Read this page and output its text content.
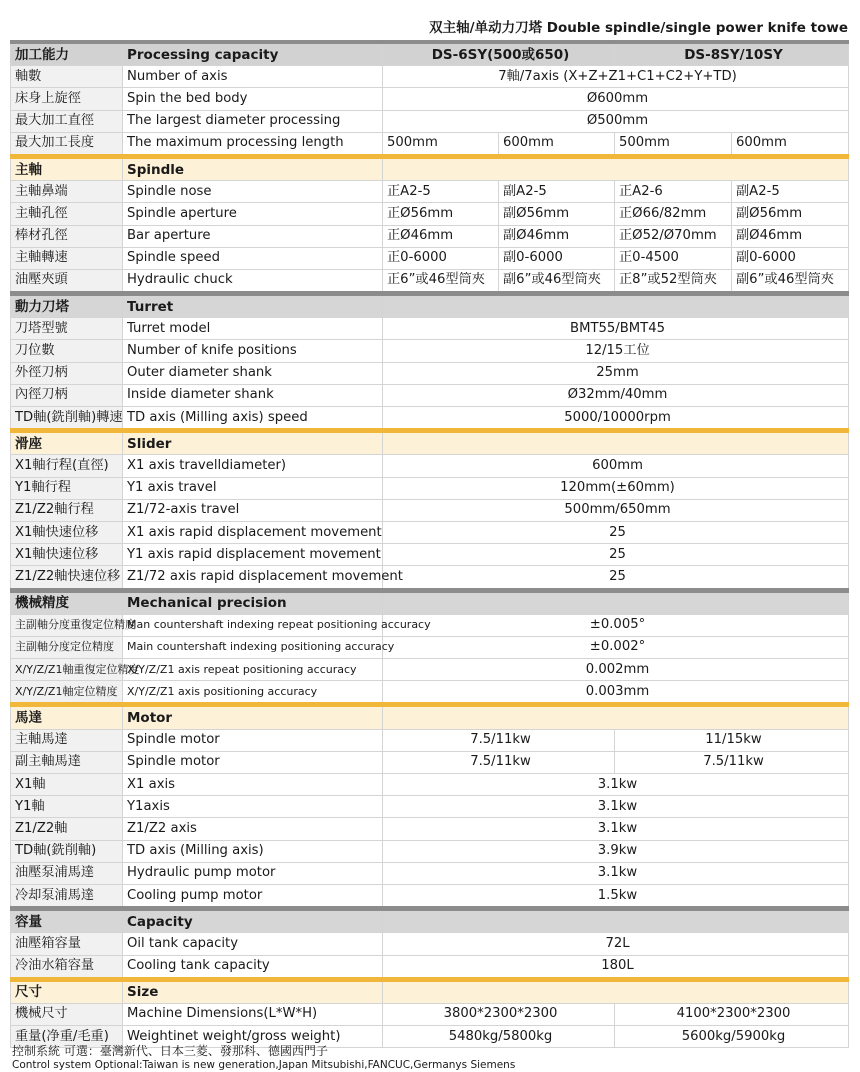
双主轴/单动力刀塔 Double spindle/single power knife towe
加工能力	Processing capacity	DS-6SY(500或650)		DS-8SY/10SY	
軸數	Number of axis	7軸/7axis (X+Z+Z1+C1+C2+Y+TD)			
床身上旋徑	Spin the bed body	Ø600mm			
最大加工直徑	The largest diameter processing	Ø500mm			
最大加工長度	The maximum processing length	500mm	600mm	500mm	600mm
主軸	Spindle				
主軸鼻端	Spindle nose	正A2-5	副A2-5	正A2-6	副A2-5
主軸孔徑	Spindle aperture	正Ø56mm	副Ø56mm	正Ø66/82mm	副Ø56mm
棒材孔徑	Bar aperture	正Ø46mm	副Ø46mm	正Ø52/Ø70mm	副Ø46mm
主軸轉速	Spindle speed	正0-6000	副0-6000	正0-4500	副0-6000
油壓夾頭	Hydraulic chuck	正6”或46型筒夾	副6”或46型筒夾	正8”或52型筒夾	副6”或46型筒夾
動力刀塔	Turret				
刀塔型號	Turret model	BMT55/BMT45			
刀位數	Number of knife positions	12/15工位			
外徑刀柄	Outer diameter shank	25mm			
內徑刀柄	Inside diameter shank	Ø32mm/40mm			
TD軸(銑削軸)轉速	TD axis (Milling axis) speed	5000/10000rpm			
滑座	Slider				
X1軸行程(直徑)	X1 axis travelldiameter)	600mm			
Y1軸行程	Y1 axis travel	120mm(±60mm)			
Z1/Z2軸行程	Z1/72-axis travel	500mm/650mm			
X1軸快速位移	X1 axis rapid displacement movement	25			
X1軸快速位移	Y1 axis rapid displacement movement	25			
Z1/Z2軸快速位移	Z1/72 axis rapid displacement movement	25			
機械精度	Mechanical precision				
主副軸分度重復定位精度	Man countershaft indexing repeat positioning accuracy	±0.005°			
主副軸分度定位精度	Main countershaft indexing positioning accuracy	±0.002°			
X/Y/Z/Z1軸重復定位精度	X/Y/Z/Z1 axis repeat positioning accuracy	0.002mm			
X/Y/Z/Z1軸定位精度	X/Y/Z/Z1 axis positioning accuracy	0.003mm			
馬達	Motor				
主軸馬達	Spindle motor	7.5/11kw		11/15kw	
副主軸馬達	Spindle motor	7.5/11kw		7.5/11kw	
X1軸	X1 axis	3.1kw			
Y1軸	Y1axis	3.1kw			
Z1/Z2軸	Z1/Z2 axis	3.1kw			
TD軸(銑削軸)	TD axis (Milling axis)	3.9kw			
油壓泵浦馬達	Hydraulic pump motor	3.1kw			
冷却泵浦馬達	Cooling pump motor	1.5kw			
容量	Capacity				
油壓箱容量	Oil tank capacity	72L			
冷油水箱容量	Cooling tank capacity	180L			
尺寸	Size				
機械尺寸	Machine Dimensions(L*W*H)	3800*2300*2300		4100*2300*2300	
重量(净重/毛重)	Weightinet weight/gross weight)	5480kg/5800kg		5600kg/5900kg	
控制系統 可選：臺灣新代、日本三菱、發那科、德國西門子
Control system Optional:Taiwan is new generation,Japan Mitsubishi,FANCUC,Germanys Siemens
